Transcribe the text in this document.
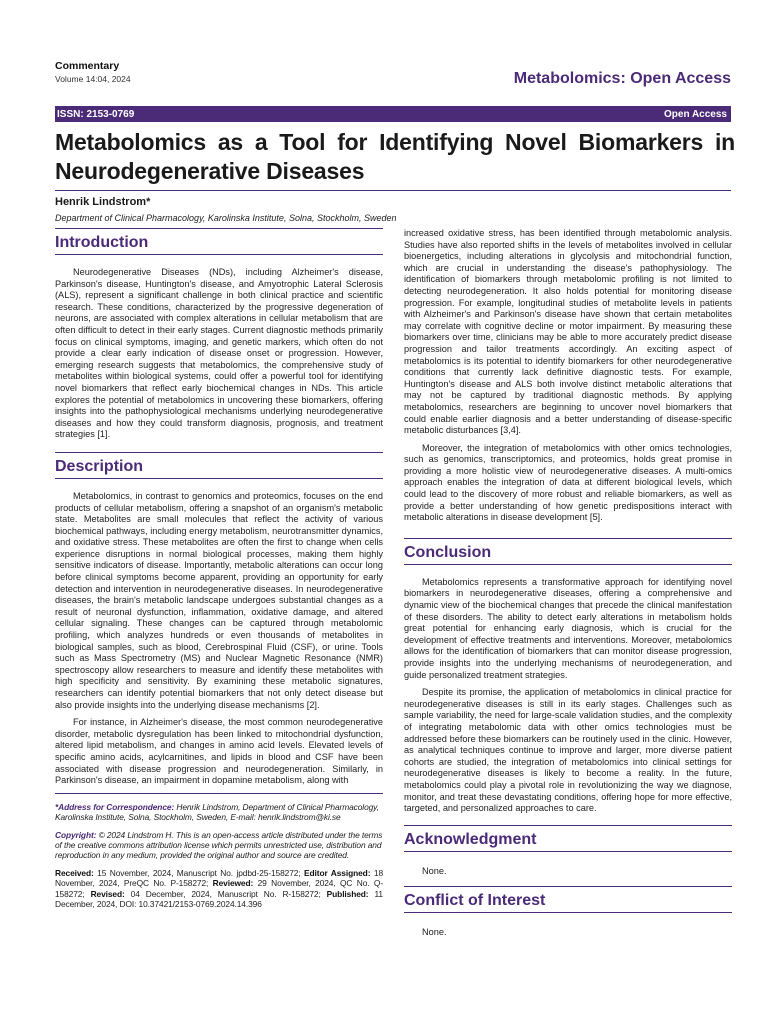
Commentary
Volume 14:04, 2024	Metabolomics: Open Access
ISSN: 2153-0769	Open Access
Metabolomics as a Tool for Identifying Novel Biomarkers in Neurodegenerative Diseases
Henrik Lindstrom*
Department of Clinical Pharmacology, Karolinska Institute, Solna, Stockholm, Sweden
Introduction

Neurodegenerative Diseases (NDs), including Alzheimer's disease, Parkinson's disease, Huntington's disease, and Amyotrophic Lateral Sclerosis (ALS), represent a significant challenge in both clinical practice and scientific research. These conditions, characterized by the progressive degeneration of neurons, are associated with complex alterations in cellular metabolism that are often difficult to detect in their early stages. Current diagnostic methods primarily focus on clinical symptoms, imaging, and genetic markers, which often do not provide a clear early indication of disease onset or progression. However, emerging research suggests that metabolomics, the comprehensive study of metabolites within biological systems, could offer a powerful tool for identifying novel biomarkers that reflect early biochemical changes in NDs. This article explores the potential of metabolomics in uncovering these biomarkers, offering insights into the pathophysiological mechanisms underlying neurodegenerative diseases and how they could transform diagnosis, prognosis, and treatment strategies [1].

Description

Metabolomics, in contrast to genomics and proteomics, focuses on the end products of cellular metabolism, offering a snapshot of an organism's metabolic state. Metabolites are small molecules that reflect the activity of various biochemical pathways, including energy metabolism, neurotransmitter dynamics, and oxidative stress. These metabolites are often the first to change when cells experience disruptions in normal biological processes, making them highly sensitive indicators of disease. Importantly, metabolic alterations can occur long before clinical symptoms become apparent, providing an opportunity for early detection and intervention in neurodegenerative diseases. In neurodegenerative diseases, the brain's metabolic landscape undergoes substantial changes as a result of neuronal dysfunction, inflammation, oxidative damage, and altered cellular signaling. These changes can be captured through metabolomic profiling, which analyzes hundreds or even thousands of metabolites in biological samples, such as blood, Cerebrospinal Fluid (CSF), or urine. Tools such as Mass Spectrometry (MS) and Nuclear Magnetic Resonance (NMR) spectroscopy allow researchers to measure and identify these metabolites with high specificity and sensitivity. By examining these metabolic signatures, researchers can identify potential biomarkers that not only detect disease but also provide insights into the underlying disease mechanisms [2].

For instance, in Alzheimer's disease, the most common neurodegenerative disorder, metabolic dysregulation has been linked to mitochondrial dysfunction, altered lipid metabolism, and changes in amino acid levels. Elevated levels of specific amino acids, acylcarnitines, and lipids in blood and CSF have been associated with disease progression and neurodegeneration. Similarly, in Parkinson's disease, an impairment in dopamine metabolism, along with

*Address for Correspondence: Henrik Lindstrom, Department of Clinical Pharmacology, Karolinska Institute, Solna, Stockholm, Sweden, E-mail: henrik.lindstrom@ki.se
Copyright: © 2024 Lindstrom H. This is an open-access article distributed under the terms of the creative commons attribution license which permits unrestricted use, distribution and reproduction in any medium, provided the original author and source are credited.
Received: 15 November, 2024, Manuscript No. jpdbd-25-158272; Editor Assigned: 18 November, 2024, PreQC No. P-158272; Reviewed: 29 November, 2024, QC No. Q-158272; Revised: 04 December, 2024, Manuscript No. R-158272; Published: 11 December, 2024, DOI: 10.37421/2153-0769.2024.14.396

increased oxidative stress, has been identified through metabolomic analysis. Studies have also reported shifts in the levels of metabolites involved in cellular bioenergetics, including alterations in glycolysis and mitochondrial function, which are crucial in understanding the disease's pathophysiology. The identification of biomarkers through metabolomic profiling is not limited to detecting neurodegeneration. It also holds potential for monitoring disease progression. For example, longitudinal studies of metabolite levels in patients with Alzheimer's and Parkinson's disease have shown that certain metabolites may correlate with cognitive decline or motor impairment. By measuring these biomarkers over time, clinicians may be able to more accurately predict disease progression and tailor treatments accordingly. An exciting aspect of metabolomics is its potential to identify biomarkers for other neurodegenerative conditions that currently lack definitive diagnostic tests. For example, Huntington's disease and ALS both involve distinct metabolic alterations that may not be captured by traditional diagnostic methods. By applying metabolomics, researchers are beginning to uncover novel biomarkers that could enable earlier diagnosis and a better understanding of disease-specific metabolic disturbances [3,4].

Moreover, the integration of metabolomics with other omics technologies, such as genomics, transcriptomics, and proteomics, holds great promise in providing a more holistic view of neurodegenerative diseases. A multi-omics approach enables the integration of data at different biological levels, which could lead to the discovery of more robust and reliable biomarkers, as well as provide a better understanding of how genetic predispositions interact with metabolic alterations in disease development [5].

Conclusion

Metabolomics represents a transformative approach for identifying novel biomarkers in neurodegenerative diseases, offering a comprehensive and dynamic view of the biochemical changes that precede the clinical manifestation of these disorders. The ability to detect early alterations in metabolism holds great potential for enhancing early diagnosis, which is crucial for the development of effective treatments and interventions. Moreover, metabolomics allows for the identification of biomarkers that can monitor disease progression, provide insights into the underlying mechanisms of neurodegeneration, and guide personalized treatment strategies.

Despite its promise, the application of metabolomics in clinical practice for neurodegenerative diseases is still in its early stages. Challenges such as sample variability, the need for large-scale validation studies, and the complexity of integrating metabolomic data with other omics technologies must be addressed before these biomarkers can be routinely used in the clinic. However, as analytical techniques continue to improve and larger, more diverse patient cohorts are studied, the integration of metabolomics into clinical settings for neurodegenerative diseases is likely to become a reality. In the future, metabolomics could play a pivotal role in revolutionizing the way we diagnose, monitor, and treat these devastating conditions, offering hope for more effective, targeted, and personalized approaches to care.

Acknowledgment
None.
Conflict of Interest
None.
